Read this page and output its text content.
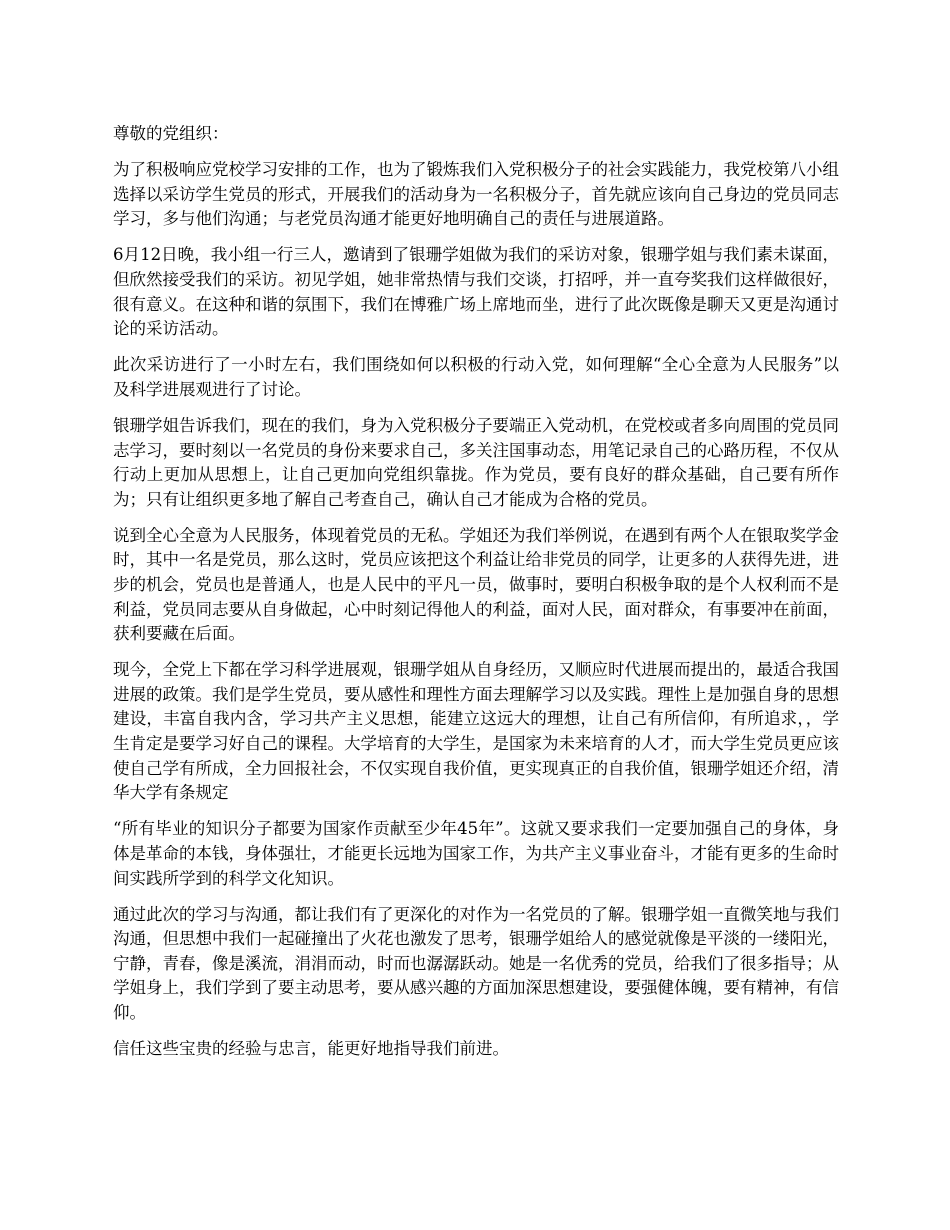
尊敬的党组织：

为了积极响应党校学习安排的工作，也为了锻炼我们入党积极分子的社会实践能力，我党校第八小组选择以采访学生党员的形式，开展我们的活动身为一名积极分子，首先就应该向自己身边的党员同志学习，多与他们沟通；与老党员沟通才能更好地明确自己的责任与进展道路。

6月12日晚，我小组一行三人，邀请到了银珊学姐做为我们的采访对象，银珊学姐与我们素未谋面，但欣然接受我们的采访。初见学姐，她非常热情与我们交谈，打招呼，并一直夸奖我们这样做很好，很有意义。在这种和谐的氛围下，我们在博雅广场上席地而坐，进行了此次既像是聊天又更是沟通讨论的采访活动。

此次采访进行了一小时左右，我们围绕如何以积极的行动入党，如何理解“全心全意为人民服务”以及科学进展观进行了讨论。

银珊学姐告诉我们，现在的我们，身为入党积极分子要端正入党动机，在党校或者多向周围的党员同志学习，要时刻以一名党员的身份来要求自己，多关注国事动态，用笔记录自己的心路历程，不仅从行动上更加从思想上，让自己更加向党组织靠拢。作为党员，要有良好的群众基础，自己要有所作为；只有让组织更多地了解自己考查自己，确认自己才能成为合格的党员。

说到全心全意为人民服务，体现着党员的无私。学姐还为我们举例说，在遇到有两个人在银取奖学金时，其中一名是党员，那么这时，党员应该把这个利益让给非党员的同学，让更多的人获得先进，进步的机会，党员也是普通人，也是人民中的平凡一员，做事时，要明白积极争取的是个人权利而不是利益，党员同志要从自身做起，心中时刻记得他人的利益，面对人民，面对群众，有事要冲在前面，获利要藏在后面。

现今，全党上下都在学习科学进展观，银珊学姐从自身经历，又顺应时代进展而提出的，最适合我国进展的政策。我们是学生党员，要从感性和理性方面去理解学习以及实践。理性上是加强自身的思想建设，丰富自我内含，学习共产主义思想，能建立这远大的理想，让自己有所信仰，有所追求，，学生肯定是要学习好自己的课程。大学培育的大学生，是国家为未来培育的人才，而大学生党员更应该使自己学有所成，全力回报社会，不仅实现自我价值，更实现真正的自我价值，银珊学姐还介绍，清华大学有条规定

“所有毕业的知识分子都要为国家作贡献至少年45年”。这就又要求我们一定要加强自己的身体，身体是革命的本钱，身体强壮，才能更长远地为国家工作，为共产主义事业奋斗，才能有更多的生命时间实践所学到的科学文化知识。

通过此次的学习与沟通，都让我们有了更深化的对作为一名党员的了解。银珊学姐一直微笑地与我们沟通，但思想中我们一起碰撞出了火花也激发了思考，银珊学姐给人的感觉就像是平淡的一缕阳光，宁静，青春，像是溪流，涓涓而动，时而也潺潺跃动。她是一名优秀的党员，给我们了很多指导；从学姐身上，我们学到了要主动思考，要从感兴趣的方面加深思想建设，要强健体魄，要有精神，有信仰。

信任这些宝贵的经验与忠言，能更好地指导我们前进。
